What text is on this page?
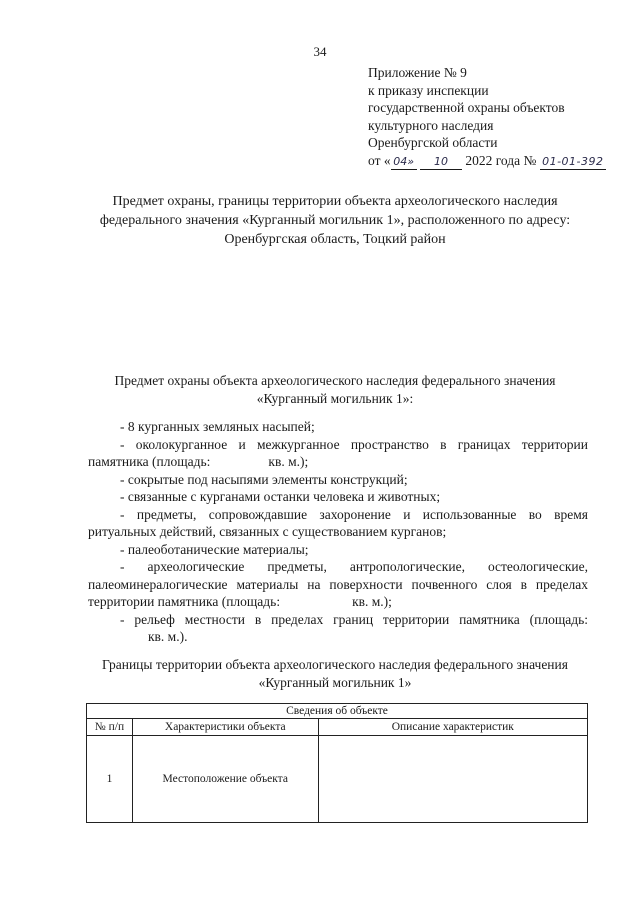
34
Приложение № 9
к приказу инспекции
государственной охраны объектов
культурного наследия
Оренбургской области
от « 04» 10 2022 года № 01-01-392
Предмет охраны, границы территории объекта археологического наследия федерального значения «Курганный могильник 1», расположенного по адресу: Оренбургская область, Тоцкий район
Предмет охраны объекта археологического наследия федерального значения «Курганный могильник 1»:

- 8 курганных земляных насыпей;

- околокурганное и межкурганное пространство в границах территории памятника (площадь:	кв. м.);

- сокрытые под насыпями элементы конструкций;

- связанные с курганами останки человека и животных;

- предметы, сопровождавшие захоронение и использованные во время ритуальных действий, связанных с существованием курганов;

- палеоботанические материалы;

- археологические предметы, антропологические, остеологические, палеоминералогические материалы на поверхности почвенного слоя в пределах территории памятника (площадь:	кв. м.);

- рельеф местности в пределах границ территории памятника (площадь:кв. м.).

Границы территории объекта археологического наследия федерального значения «Курганный могильник 1»
Сведения об объекте		
№ п/п	Характеристики объекта	Описание характеристик
1	Местоположение объекта	
